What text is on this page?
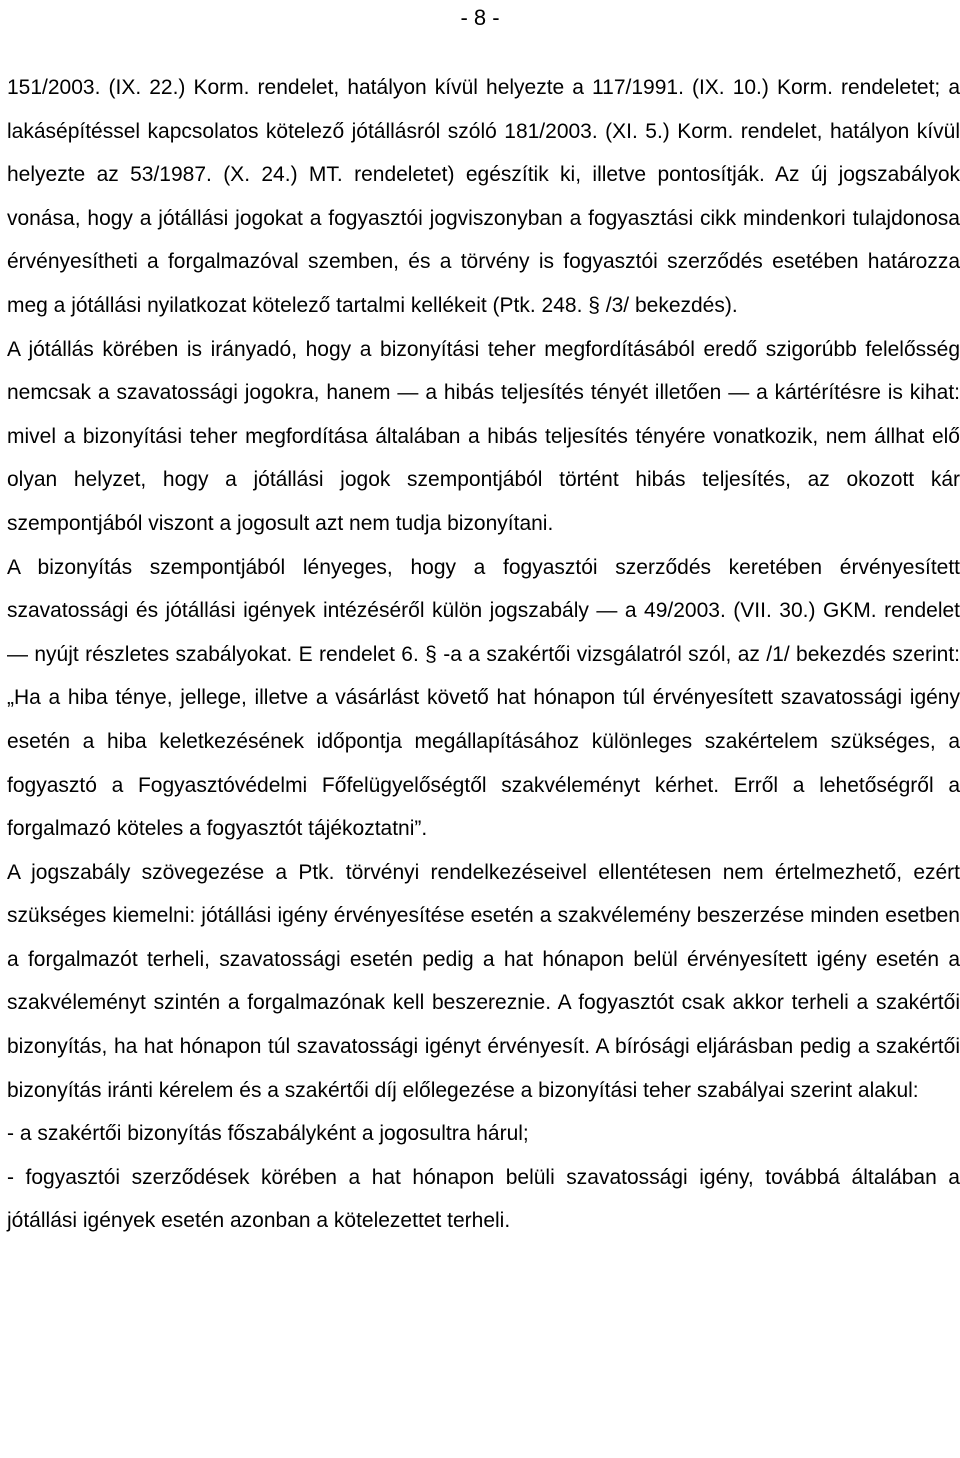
- 8 -

151/2003. (IX. 22.) Korm. rendelet, hatályon kívül helyezte a 117/1991. (IX. 10.) Korm. rendeletet; a lakásépítéssel kapcsolatos kötelező jótállásról szóló 181/2003. (XI. 5.) Korm. rendelet, hatályon kívül helyezte az 53/1987. (X. 24.) MT. rendeletet) egészítik ki, illetve pontosítják. Az új jogszabályok vonása, hogy a jótállási jogokat a fogyasztói jogviszonyban a fogyasztási cikk mindenkori tulajdonosa érvényesítheti a forgalmazóval szemben, és a törvény is fogyasztói szerződés esetében határozza meg a jótállási nyilatkozat kötelező tartalmi kellékeit (Ptk. 248. § /3/ bekezdés).

A jótállás körében is irányadó, hogy a bizonyítási teher megfordításából eredő szigorúbb felelősség nemcsak a szavatossági jogokra, hanem — a hibás teljesítés tényét illetően — a kártérítésre is kihat: mivel a bizonyítási teher megfordítása általában a hibás teljesítés tényére vonatkozik, nem állhat elő olyan helyzet, hogy a jótállási jogok szempontjából történt hibás teljesítés, az okozott kár szempontjából viszont a jogosult azt nem tudja bizonyítani.

A bizonyítás szempontjából lényeges, hogy a fogyasztói szerződés keretében érvényesített szavatossági és jótállási igények intézéséről külön jogszabály — a 49/2003. (VII. 30.) GKM. rendelet — nyújt részletes szabályokat. E rendelet 6. § -a a szakértői vizsgálatról szól, az /1/ bekezdés szerint: „Ha a hiba ténye, jellege, illetve a vásárlást követő hat hónapon túl érvényesített szavatossági igény esetén a hiba keletkezésének időpontja megállapításához különleges szakértelem szükséges, a fogyasztó a Fogyasztóvédelmi Főfelügyelőségtől szakvéleményt kérhet. Erről a lehetőségről a forgalmazó köteles a fogyasztót tájékoztatni”.

A jogszabály szövegezése a Ptk. törvényi rendelkezéseivel ellentétesen nem értelmezhető, ezért szükséges kiemelni: jótállási igény érvényesítése esetén a szakvélemény beszerzése minden esetben a forgalmazót terheli, szavatossági esetén pedig a hat hónapon belül érvényesített igény esetén a szakvéleményt szintén a forgalmazónak kell beszereznie. A fogyasztót csak akkor terheli a szakértői bizonyítás, ha hat hónapon túl szavatossági igényt érvényesít. A bírósági eljárásban pedig a szakértői bizonyítás iránti kérelem és a szakértői díj előlegezése a bizonyítási teher szabályai szerint alakul:

- a szakértői bizonyítás főszabályként a jogosultra hárul;

- fogyasztói szerződések körében a hat hónapon belüli szavatossági igény, továbbá általában a jótállási igények esetén azonban a kötelezettet terheli.
